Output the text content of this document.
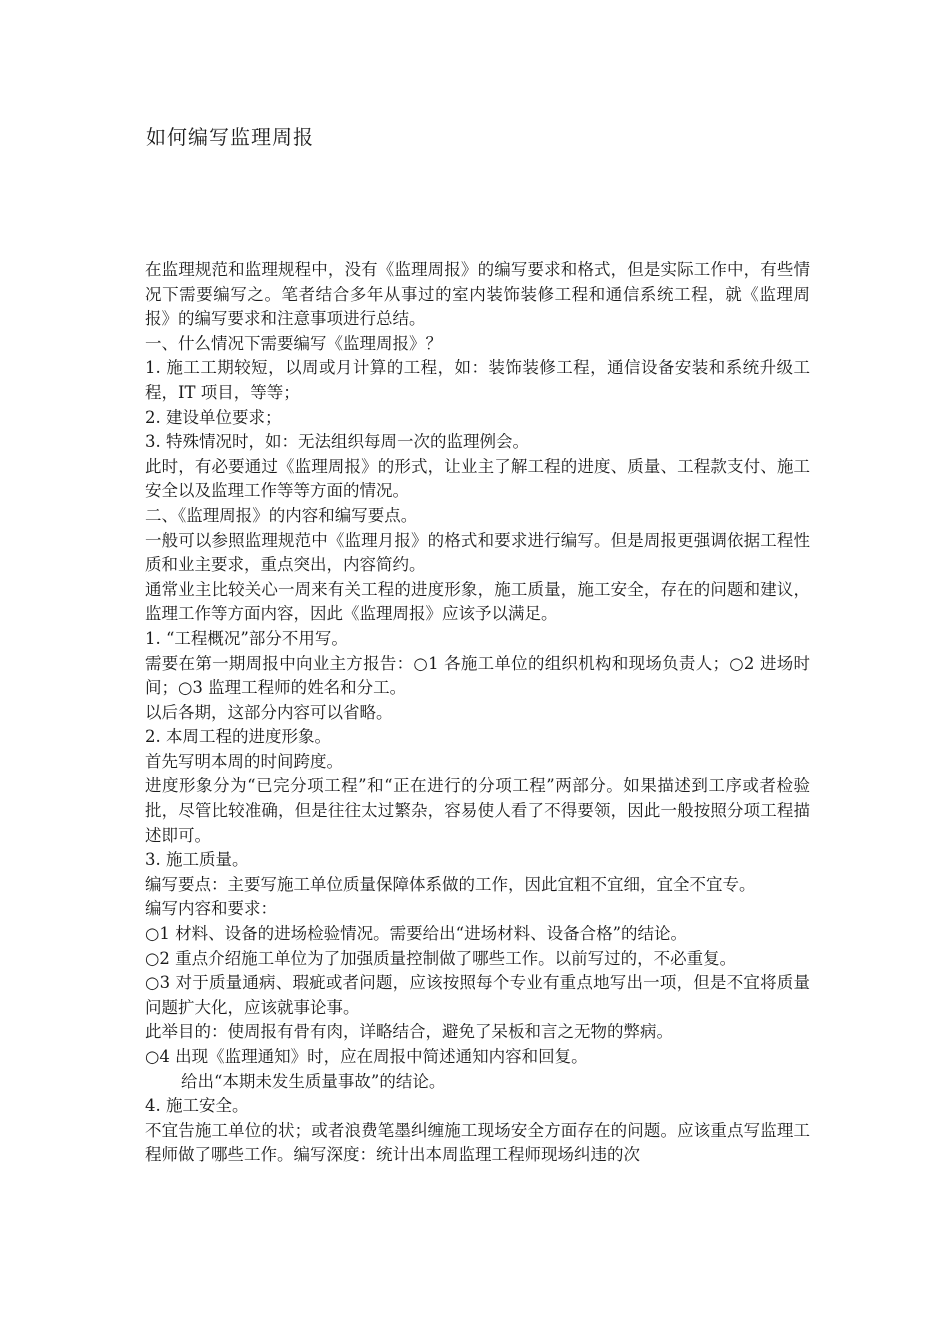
如何编写监理周报

在监理规范和监理规程中，没有《监理周报》的编写要求和格式，但是实际工作中，有些情况下需要编写之。笔者结合多年从事过的室内装饰装修工程和通信系统工程，就《监理周报》的编写要求和注意事项进行总结。

一、什么情况下需要编写《监理周报》？

1. 施工工期较短，以周或月计算的工程，如：装饰装修工程，通信设备安装和系统升级工程，IT 项目，等等；

2. 建设单位要求；

3. 特殊情况时，如：无法组织每周一次的监理例会。

此时，有必要通过《监理周报》的形式，让业主了解工程的进度、质量、工程款支付、施工安全以及监理工作等等方面的情况。

二、《监理周报》的内容和编写要点。

一般可以参照监理规范中《监理月报》的格式和要求进行编写。但是周报更强调依据工程性质和业主要求，重点突出，内容简约。

通常业主比较关心一周来有关工程的进度形象，施工质量，施工安全，存在的问题和建议，监理工作等方面内容，因此《监理周报》应该予以满足。

1. “工程概况”部分不用写。

需要在第一期周报中向业主方报告：○1 各施工单位的组织机构和现场负责人；○2 进场时间；○3 监理工程师的姓名和分工。

以后各期，这部分内容可以省略。

2. 本周工程的进度形象。

首先写明本周的时间跨度。

进度形象分为“已完分项工程”和“正在进行的分项工程”两部分。如果描述到工序或者检验批，尽管比较准确，但是往往太过繁杂，容易使人看了不得要领，因此一般按照分项工程描述即可。

3. 施工质量。

编写要点：主要写施工单位质量保障体系做的工作，因此宜粗不宜细，宜全不宜专。

编写内容和要求：

○1 材料、设备的进场检验情况。需要给出“进场材料、设备合格”的结论。

○2 重点介绍施工单位为了加强质量控制做了哪些工作。以前写过的，不必重复。

○3 对于质量通病、瑕疵或者问题，应该按照每个专业有重点地写出一项，但是不宜将质量问题扩大化，应该就事论事。

此举目的：使周报有骨有肉，详略结合，避免了呆板和言之无物的弊病。

○4 出现《监理通知》时，应在周报中简述通知内容和回复。

给出“本期未发生质量事故”的结论。

4. 施工安全。

不宜告施工单位的状；或者浪费笔墨纠缠施工现场安全方面存在的问题。应该重点写监理工程师做了哪些工作。编写深度：统计出本周监理工程师现场纠违的次
